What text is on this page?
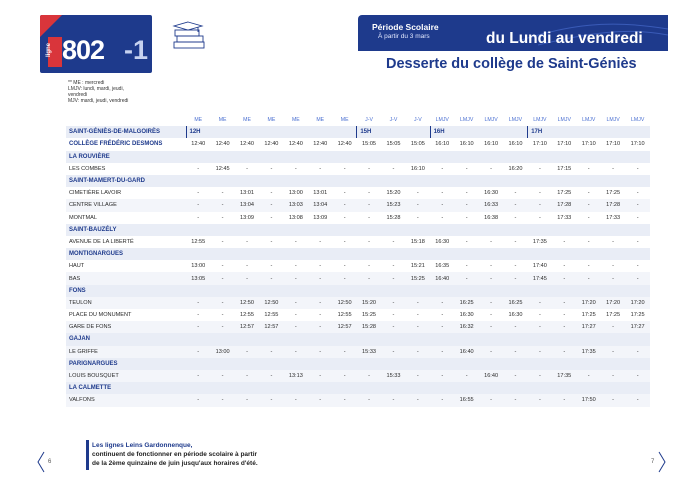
ligne 802 -1
Période Scolaire
À partir du 3 mars	du Lundi au vendredi
Desserte du collège de Saint-Géniès
** ME : mercredi
LMJV: lundi, mardi, jeudi, vendredi
MJV: mardi, jeudi, vendredi
	ME	ME	ME	ME	ME	ME	ME	J-V	J-V	J-V	LMJV	LMJV	LMJV	LMJV	LMJV	LMJV	LMJV	LMJV	LMJV
SAINT-GÉNIÈS-DE-MALGOIRÈS	12H							15H			16H				17H				
COLLÈGE FRÉDÉRIC DESMONS	12:40	12:40	12:40	12:40	12:40	12:40	12:40	15:05	15:05	15:05	16:10	16:10	16:10	16:10	17:10	17:10	17:10	17:10	17:10
LA ROUVIÈRE																			
LES COMBES	-	12:45	-	-	-	-	-	-	-	16:10	-	-	-	16:20	-	17:15	-	-	-
SAINT-MAMERT-DU-GARD																			
CIMETIÈRE LAVOIR	-	-	13:01	-	13:00	13:01	-	-	15:20	-	-	-	16:30	-	-	17:25	-	17:25	-
CENTRE VILLAGE	-	-	13:04	-	13:03	13:04	-	-	15:23	-	-	-	16:33	-	-	17:28	-	17:28	-
MONTMAL	-	-	13:09	-	13:08	13:09	-	-	15:28	-	-	-	16:38	-	-	17:33	-	17:33	-
SAINT-BAUZÉLY																			
AVENUE DE LA LIBERTÉ	12:55	-	-	-	-	-	-	-	-	15:18	16:30	-	-	-	17:35	-	-	-	-
MONTIGNARGUES																			
HAUT	13:00	-	-	-	-	-	-	-	-	15:21	16:35	-	-	-	17:40	-	-	-	-
BAS	13:05	-	-	-	-	-	-	-	-	15:25	16:40	-	-	-	17:45	-	-	-	-
FONS																			
TEULON	-	-	12:50	12:50	-	-	12:50	15:20	-	-	-	16:25	-	16:25	-	-	17:20	17:20	17:20
PLACE DU MONUMENT	-	-	12:55	12:55	-	-	12:55	15:25	-	-	-	16:30	-	16:30	-	-	17:25	17:25	17:25
GARE DE FONS	-	-	12:57	12:57	-	-	12:57	15:28	-	-	-	16:32	-	-	-	-	17:27	-	17:27
GAJAN																			
LE GRIFFE	-	13:00	-	-	-	-	-	15:33	-	-	-	16:40	-	-	-	-	17:35	-	-
PARIGNARGUES																			
LOUIS BOUSQUET	-	-	-	-	13:13	-	-	-	15:33	-	-	-	16:40	-	-	17:35	-	-	-
LA CALMETTE																			
VALFONS	-	-	-	-	-	-	-	-	-	-	-	16:55	-	-	-	-	17:50	-	-
Les lignes Leins Gardonnenque,
continuent de fonctionner en période scolaire à partir
de la 2ème quinzaine de juin jusqu'aux horaires d'été.
6	7
